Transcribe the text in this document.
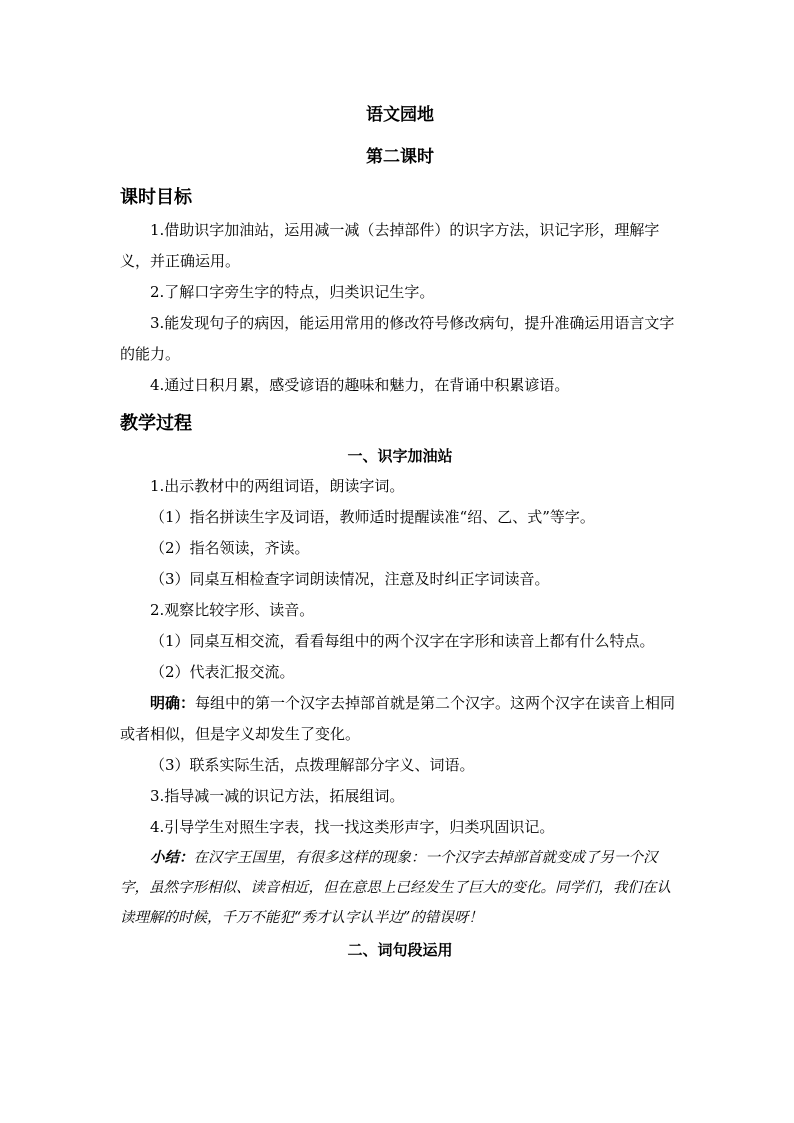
语文园地
第二课时
课时目标

1.借助识字加油站，运用减一减（去掉部件）的识字方法，识记字形，理解字义，并正确运用。

2.了解口字旁生字的特点，归类识记生字。

3.能发现句子的病因，能运用常用的修改符号修改病句，提升准确运用语言文字的能力。

4.通过日积月累，感受谚语的趣味和魅力，在背诵中积累谚语。

教学过程
一、识字加油站

1.出示教材中的两组词语，朗读字词。

（1）指名拼读生字及词语，教师适时提醒读准“绍、乙、式”等字。

（2）指名领读，齐读。

（3）同桌互相检查字词朗读情况，注意及时纠正字词读音。

2.观察比较字形、读音。

（1）同桌互相交流，看看每组中的两个汉字在字形和读音上都有什么特点。

（2）代表汇报交流。

明确：每组中的第一个汉字去掉部首就是第二个汉字。这两个汉字在读音上相同或者相似，但是字义却发生了变化。

（3）联系实际生活，点拨理解部分字义、词语。

3.指导减一减的识记方法，拓展组词。

4.引导学生对照生字表，找一找这类形声字，归类巩固识记。

小结：在汉字王国里，有很多这样的现象：一个汉字去掉部首就变成了另一个汉字，虽然字形相似、读音相近，但在意思上已经发生了巨大的变化。同学们，我们在认读理解的时候，千万不能犯“秀才认字认半边”的错误呀！

二、词句段运用
